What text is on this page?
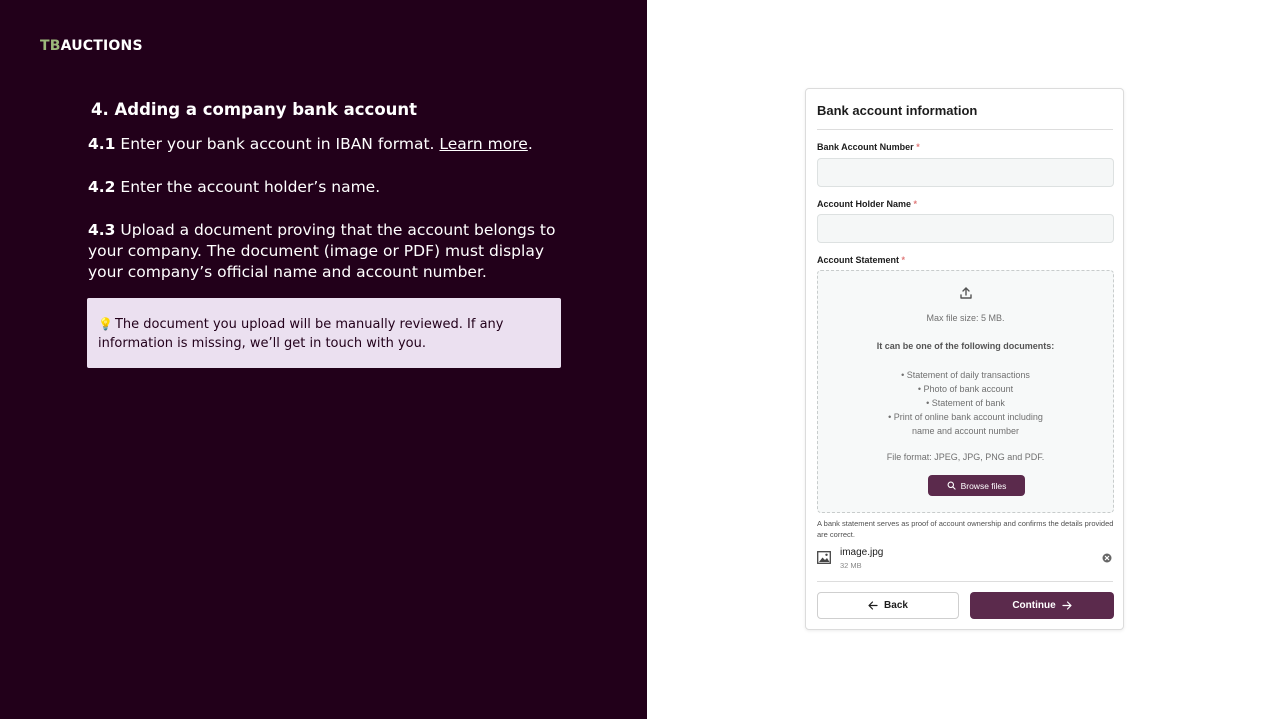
TBAUCTIONS
4. Adding a company bank account
4.1 Enter your bank account in IBAN format. Learn more.
4.2 Enter the account holder’s name.
4.3 Upload a document proving that the account belongs to your company. The document (image or PDF) must display your company’s official name and account number.
💡 The document you upload will be manually reviewed. If any information is missing, we’ll get in touch with you.
Bank account information
Bank Account Number *
Account Holder Name *
Account Statement *
Max file size: 5 MB.
It can be one of the following documents:
• Statement of daily transactions
• Photo of bank account
• Statement of bank
• Print of online bank account including name and account number
File format: JPEG, JPG, PNG and PDF.
Browse files
A bank statement serves as proof of account ownership and confirms the details provided are correct.
image.jpg
32 MB
Back	Continue
